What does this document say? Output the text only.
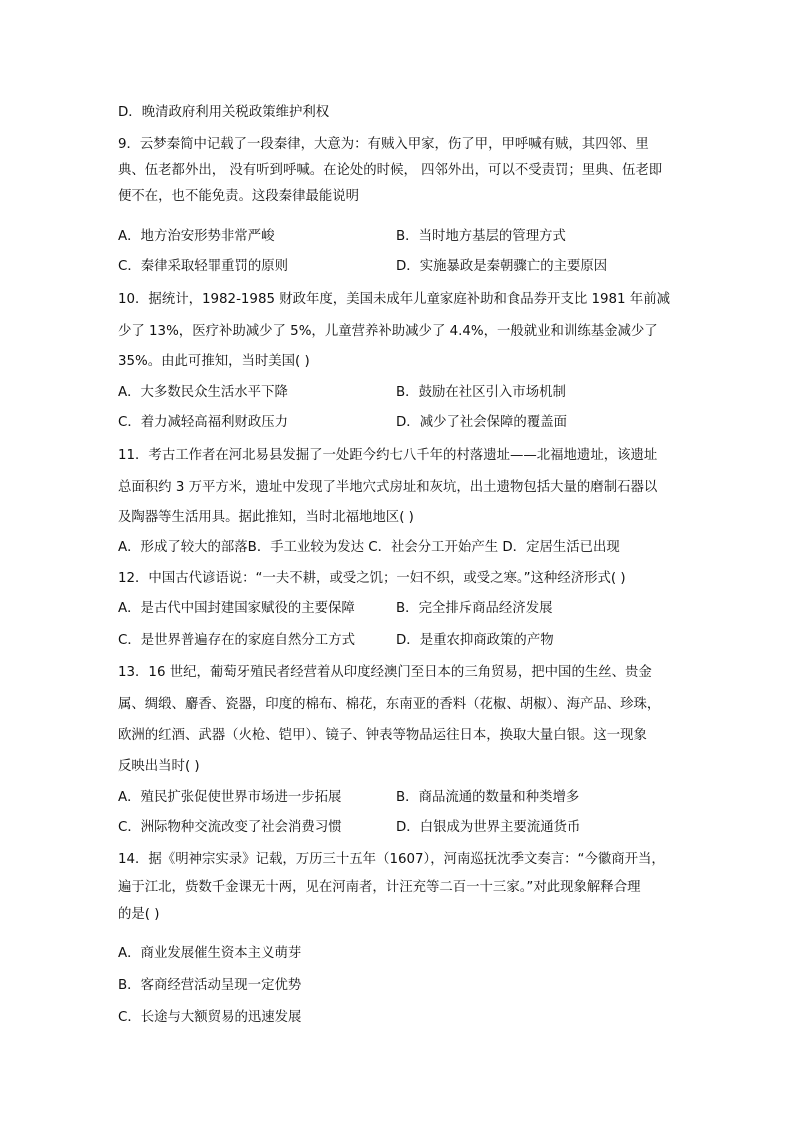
D．晚清政府利用关税政策维护利权
9．云梦秦简中记载了一段秦律，大意为：有贼入甲家，伤了甲，甲呼喊有贼，其四邻、里
典、伍老都外出， 没有听到呼喊。在论处的时候， 四邻外出，可以不受责罚；里典、伍老即
便不在，也不能免责。这段秦律最能说明
A．地方治安形势非常严峻	B．当时地方基层的管理方式
C．秦律采取轻罪重罚的原则	D．实施暴政是秦朝骤亡的主要原因
10．据统计，1982-1985 财政年度，美国未成年儿童家庭补助和食品券开支比 1981 年前减
少了 13%，医疗补助减少了 5%，儿童营养补助减少了 4.4%，一般就业和训练基金减少了
35%。由此可推知，当时美国( )
A．大多数民众生活水平下降	B．鼓励在社区引入市场机制
C．着力减轻高福利财政压力	D．减少了社会保障的覆盖面
11．考古工作者在河北易县发掘了一处距今约七八千年的村落遗址——北福地遗址，该遗址
总面积约 3 万平方米，遗址中发现了半地穴式房址和灰坑，出土遗物包括大量的磨制石器以
及陶器等生活用具。据此推知，当时北福地地区( )
A．形成了较大的部落B．手工业较为发达 C．社会分工开始产生 D．定居生活已出现
12．中国古代谚语说：“一夫不耕，或受之饥；一妇不织，或受之寒。”这种经济形式( )
A．是古代中国封建国家赋役的主要保障	B．完全排斥商品经济发展
C．是世界普遍存在的家庭自然分工方式	D．是重农抑商政策的产物
13．16 世纪，葡萄牙殖民者经营着从印度经澳门至日本的三角贸易，把中国的生丝、贵金
属、绸缎、麝香、瓷器，印度的棉布、棉花，东南亚的香料（花椒、胡椒）、海产品、珍珠，
欧洲的红酒、武器（火枪、铠甲）、镜子、钟表等物品运往日本，换取大量白银。这一现象
反映出当时( )
A．殖民扩张促使世界市场进一步拓展	B．商品流通的数量和种类增多
C．洲际物种交流改变了社会消费习惯	D．白银成为世界主要流通货币
14．据《明神宗实录》记载，万历三十五年（1607），河南巡抚沈季文奏言：“今徽商开当，
遍于江北，赀数千金课无十两，见在河南者，计汪充等二百一十三家。”对此现象解释合理
的是( )
A．商业发展催生资本主义萌芽
B．客商经营活动呈现一定优势
C．长途与大额贸易的迅速发展
